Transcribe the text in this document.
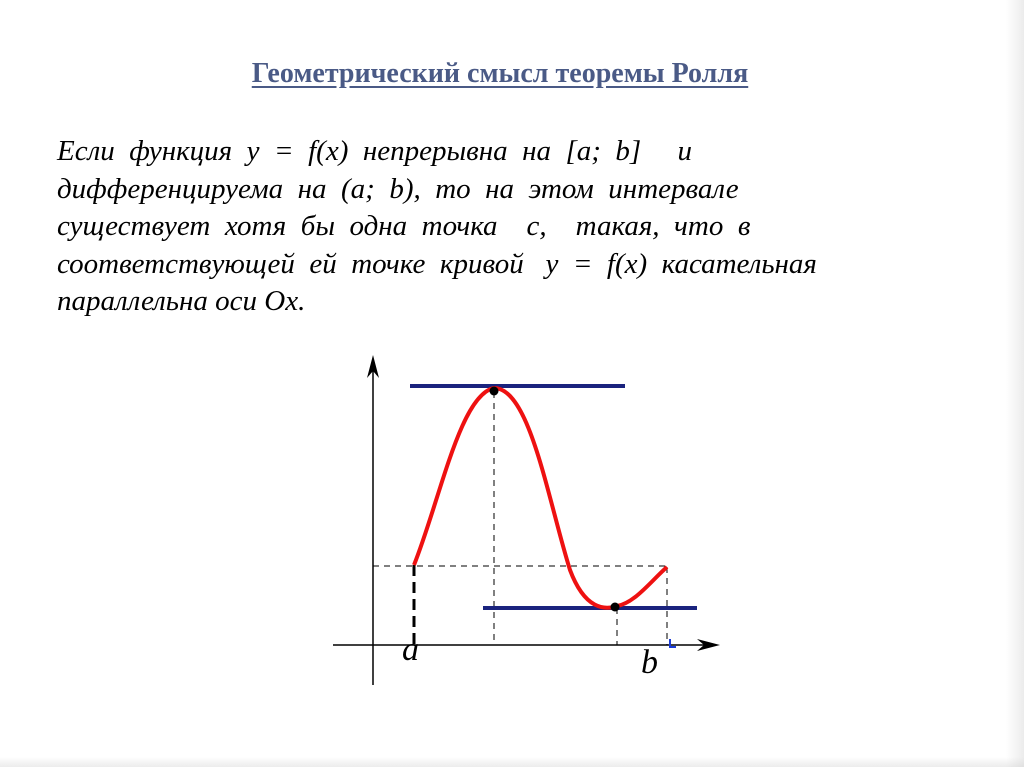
Геометрический смысл теоремы Ролля
Если  функция  y  =  f(x)  непрерывна  на  [a;  b]     и
дифференцируема  на  (a;  b),  то  на  этом  интервале
существует  хотя  бы  одна  точка    c,    такая,  что  в
соответствующей  ей  точке  кривой   y  =  f(x)  касательная
параллельна оси Ox.
a	b
